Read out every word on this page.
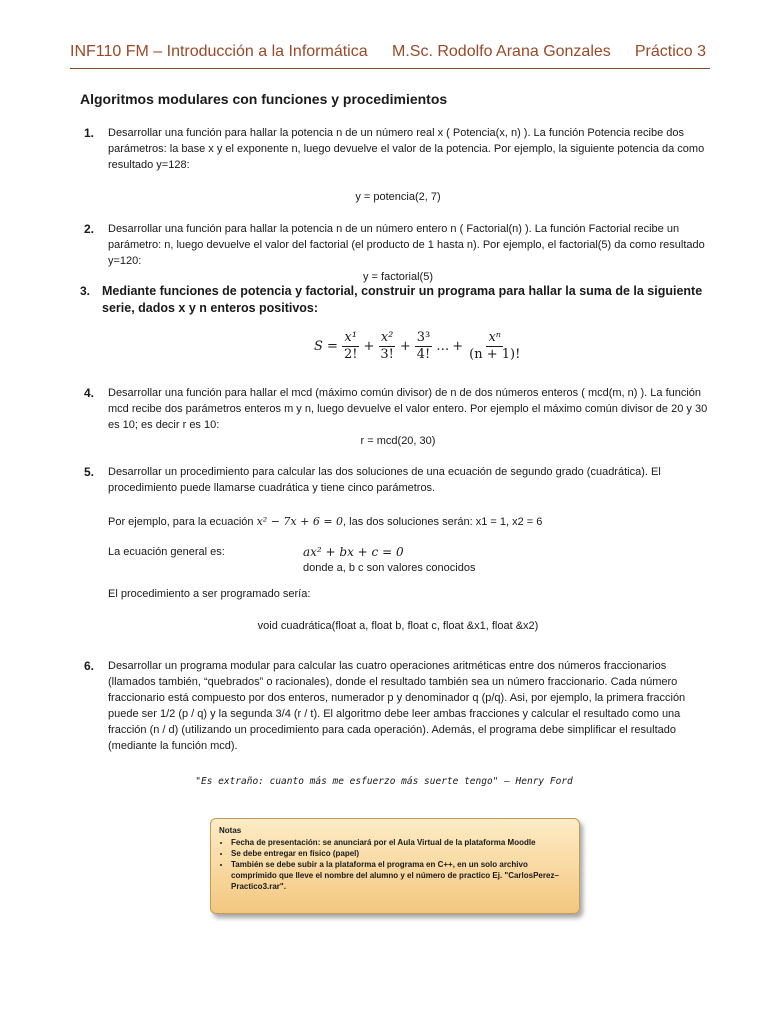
INF110 FM – Introducción a la Informática M.Sc. Rodolfo Arana Gonzales Práctico 3
Algoritmos modulares con funciones y procedimientos
1. Desarrollar una función para hallar la potencia n de un número real x ( Potencia(x, n) ). La función Potencia recibe dos parámetros: la base x y el exponente n, luego devuelve el valor de la potencia. Por ejemplo, la siguiente potencia da como resultado y=128:
y = potencia(2, 7)
2. Desarrollar una función para hallar la potencia n de un número entero n ( Factorial(n) ). La función Factorial recibe un parámetro: n, luego devuelve el valor del factorial (el producto de 1 hasta n). Por ejemplo, el factorial(5) da como resultado y=120:
y = factorial(5)
3. Mediante funciones de potencia y factorial, construir un programa para hallar la suma de la siguiente serie, dados x y n enteros positivos:
$S = \frac{\text{x¹}}{2!} + \frac{\text{x²}}{3!} + \frac{\text{3³}}{4!}$ … + $\frac{\text{xⁿ}}{(n + 1)!}$
4. Desarrollar una función para hallar el mcd (máximo común divisor) de n de dos números enteros ( mcd(m, n) ). La función mcd recibe dos parámetros enteros m y n, luego devuelve el valor entero. Por ejemplo el máximo común divisor de 20 y 30 es 10; es decir r es 10:
r = mcd(20, 30)
5. Desarrollar un procedimiento para calcular las dos soluciones de una ecuación de segundo grado (cuadrática). El procedimiento puede llamarse cuadrática y tiene cinco parámetros.
Por ejemplo, para la ecuación x² − 7x + 6 = 0, las dos soluciones serán: x1 = 1, x2 = 6
La ecuación general es:	ax² + bx + c = 0
donde a, b c son valores conocidos
El procedimiento a ser programado sería:
void cuadrática(float a, float b, float c, float &x1, float &x2)
6. Desarrollar un programa modular para calcular las cuatro operaciones aritméticas entre dos números fraccionarios (llamados también, “quebrados” o racionales), donde el resultado también sea un número fraccionario. Cada número fraccionario está compuesto por dos enteros, numerador p y denominador q (p/q). Asi, por ejemplo, la primera fracción puede ser 1/2 (p / q) y la segunda 3/4 (r / t). El algoritmo debe leer ambas fracciones y calcular el resultado como una fracción (n / d) (utilizando un procedimiento para cada operación). Además, el programa debe simplificar el resultado (mediante la función mcd).
"Es extraño: cuanto más me esfuerzo más suerte tengo" – Henry Ford
Notas
• Fecha de presentación: se anunciará por el Aula Virtual de la plataforma Moodle
• Se debe entregar en físico (papel)
• También se debe subir a la plataforma el programa en C++, en un solo archivo comprimido que lleve el nombre del alumno y el número de practico Ej. "CarlosPerez–Practico3.rar".
